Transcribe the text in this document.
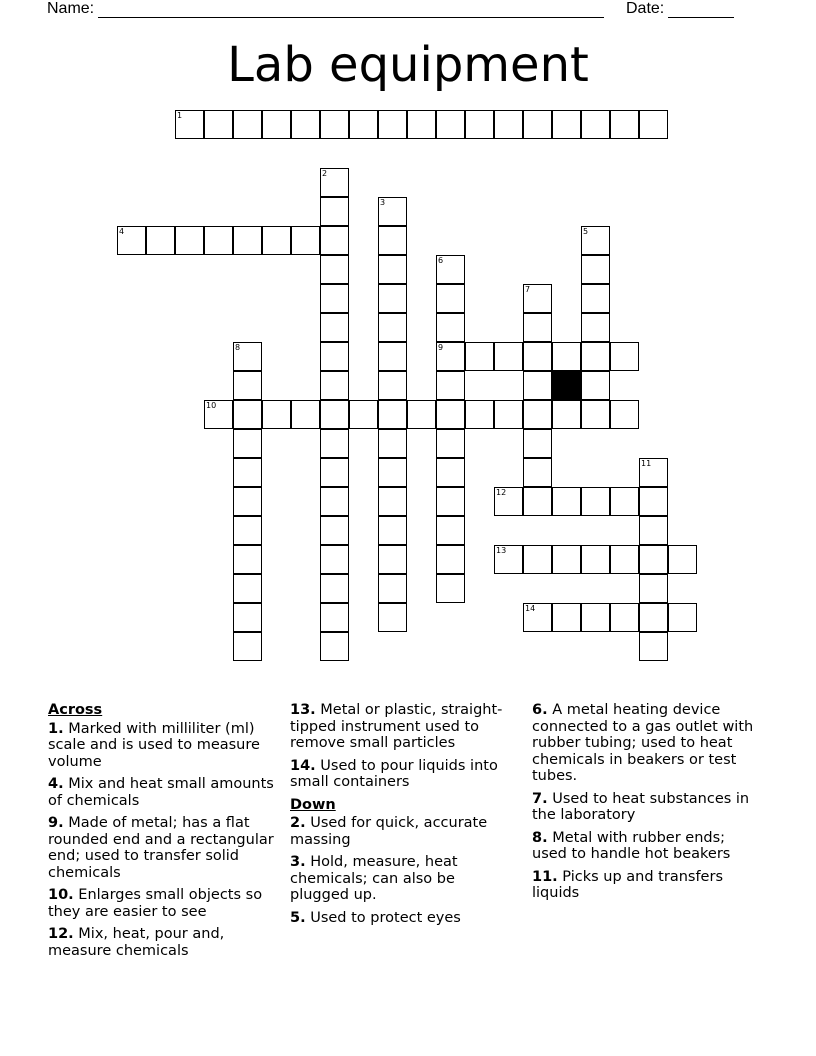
Name:	Date:
Lab equipment
1
2
3
4	5
6
7
8	9
10
11
12
13
14
Across
1. Marked with milliliter (ml) scale and is used to measure volume
4. Mix and heat small amounts of chemicals
9. Made of metal; has a flat rounded end and a rectangular end; used to transfer solid chemicals
10. Enlarges small objects so they are easier to see
12. Mix, heat, pour and, measure chemicals
13. Metal or plastic, straight-tipped instrument used to remove small particles
14. Used to pour liquids into small containers
Down
2. Used for quick, accurate massing
3. Hold, measure, heat chemicals; can also be plugged up.
5. Used to protect eyes
6. A metal heating device connected to a gas outlet with rubber tubing; used to heat chemicals in beakers or test tubes.
7. Used to heat substances in the laboratory
8. Metal with rubber ends; used to handle hot beakers
11. Picks up and transfers liquids
